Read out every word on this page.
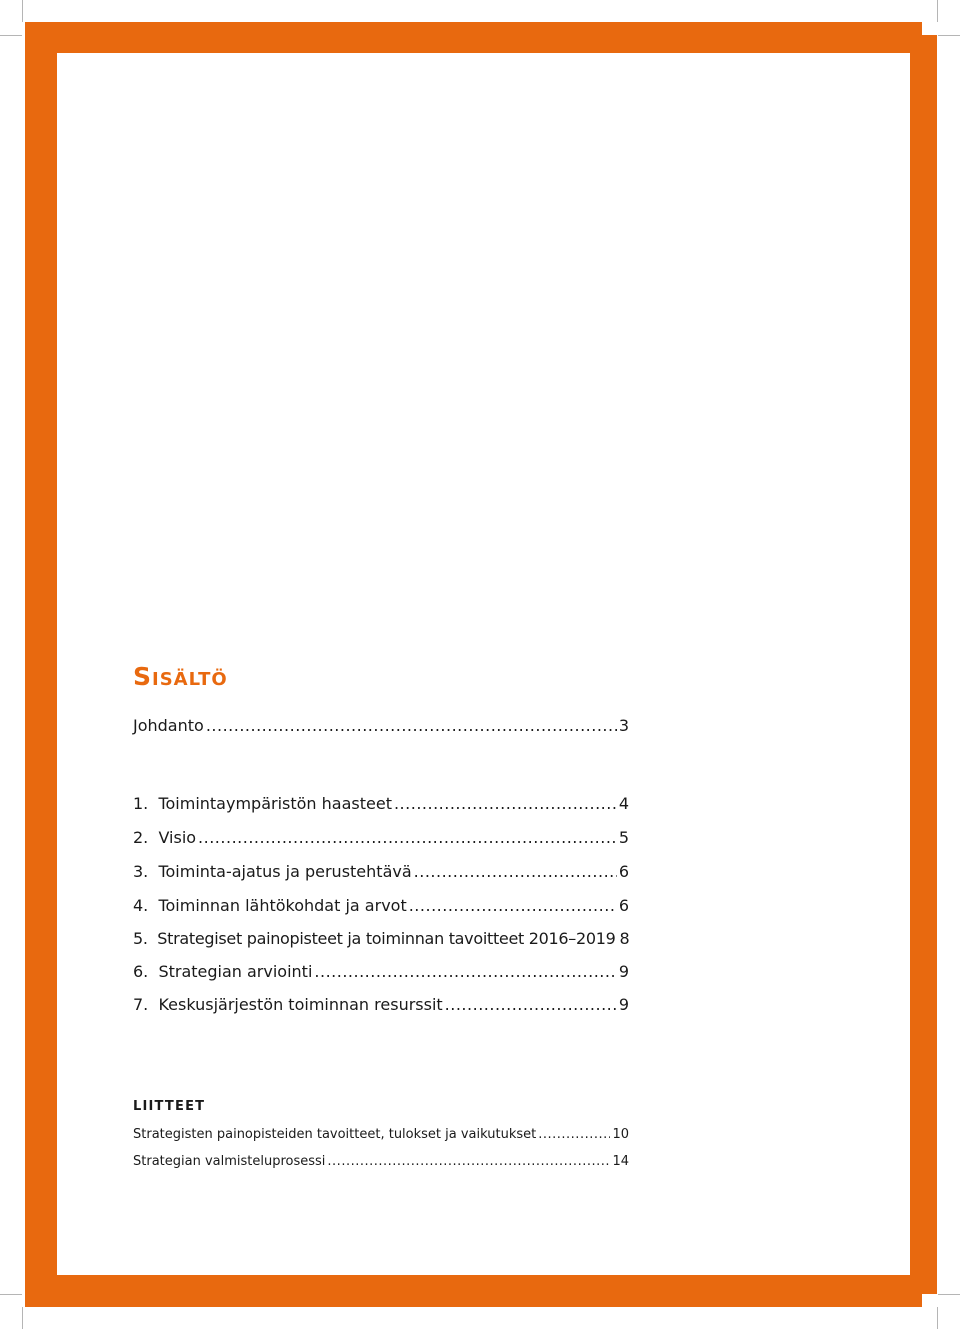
Sisältö
Johdanto .....	3
1.  Toimintaympäristön haasteet .....	4
2.  Visio .....	5
3.  Toiminta-ajatus ja perustehtävä .....	6
4.  Toiminnan lähtökohdat ja arvot .....	6
5.  Strategiset painopisteet ja toiminnan tavoitteet 2016–2019 8
6.  Strategian arviointi .....	9
7.  Keskusjärjestön toiminnan resurssit .....	9
LIITTEET
Strategisten painopisteiden tavoitteet, tulokset ja vaikutukset .....	10
Strategian valmisteluprosessi .....	14
